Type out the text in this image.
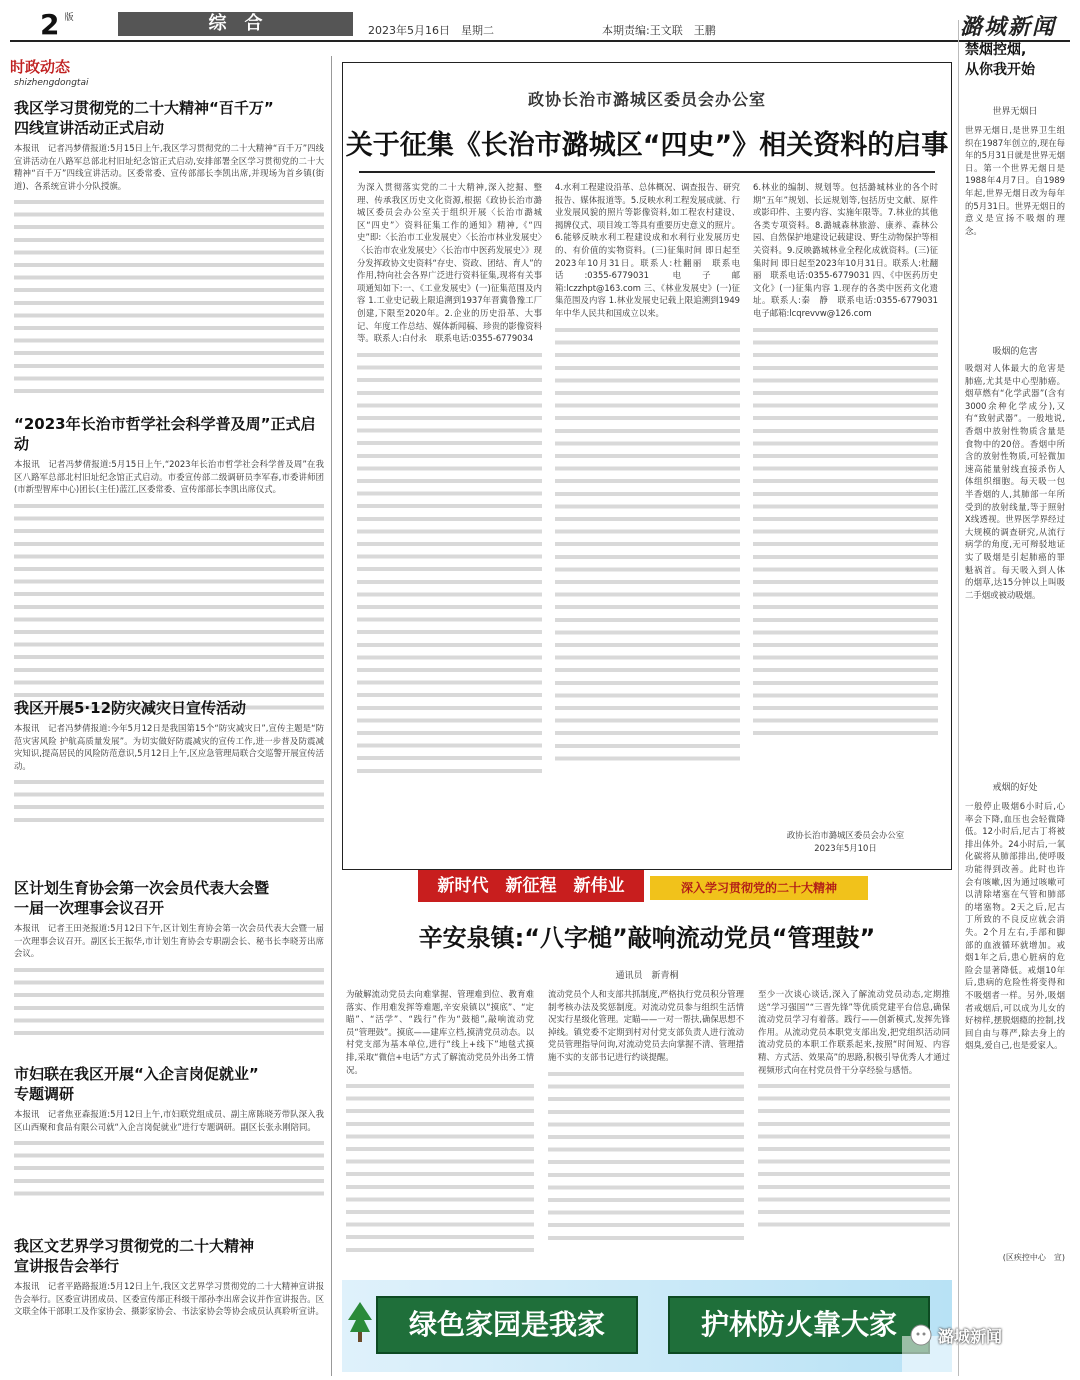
2 $^版$	综　合	2023年5月16日　星期二	本期责编:王文联　王鹏	潞城新闻
时政动态
shizhengdongtai
我区学习贯彻党的二十大精神“百千万”
四线宣讲活动正式启动

本报讯　记者冯梦倩报道:5月15日上午,我区学习贯彻党的二十大精神“百千万”四线宣讲活动在八路军总部北村旧址纪念馆正式启动,安排部署全区学习贯彻党的二十大精神“百千万”四线宣讲活动。区委常委、宣传部部长李凯出席,并现场为首乡镇(街道)、各系统宣讲小分队授旗。

“2023年长治市哲学社会科学普及周”正式启动

本报讯　记者冯梦倩报道:5月15日上午,“2023年长治市哲学社会科学普及周”在我区八路军总部北村旧址纪念馆正式启动。市委宣传部二级调研员李军春,市委讲师团(市新型智库中心)团长(主任)蓝江,区委常委、宣传部部长李凯出席仪式。

我区开展5·12防灾减灾日宣传活动

本报讯　记者冯梦倩报道:今年5月12日是我国第15个“防灾减灾日”,宣传主题是“防范灾害风险 护航高质量发展”。为切实做好防震减灾的宣传工作,进一步普及防震减灾知识,提高居民的风险防范意识,5月12日上午,区应急管理局联合交巡警开展宣传活动。

区计划生育协会第一次会员代表大会暨
一届一次理事会议召开

本报讯　记者王田尧报道:5月12日下午,区计划生育协会第一次会员代表大会暨一届一次理事会议召开。副区长王振华,市计划生育协会专职副会长、秘书长李晓芳出席会议。

市妇联在我区开展“入企言岗促就业”
专题调研

本报讯　记者焦亚森报道:5月12日上午,市妇联党组成员、副主席陈晓芳带队深入我区山西聚和食品有限公司就“入企言岗促就业”进行专题调研。副区长张永刚陪同。

我区文艺界学习贯彻党的二十大精神
宣讲报告会举行

本报讯　记者平路路报道:5月12日上午,我区文艺界学习贯彻党的二十大精神宣讲报告会举行。区委宣讲团成员、区委宣传部正科级干部孙李出席会议并作宣讲报告。区文联全体干部职工及作家协会、摄影家协会、书法家协会等协会成员认真聆听宣讲。

政协长治市潞城区委员会办公室
关于征集《长治市潞城区“四史”》相关资料的启事

为深入贯彻落实党的二十大精神,深入挖掘、整理、传承我区历史文化资源,根据《政协长治市潞城区委员会办公室关于组织开展〈长治市潞城区“四史”〉资料征集工作的通知》精神,《“四史”即:〈长治市工业发展史〉〈长治市林业发展史〉〈长治市农业发展史〉〈长治市中医药发展史〉》现分发挥政协文史资料“存史、资政、团结、育人”的作用,特向社会各界广泛进行资料征集,现将有关事项通知如下:一、《工业发展史》(一)征集范围及内容 1.工业史记载上限追溯到1937年晋冀鲁豫工厂创建,下限至2020年。2.企业的历史沿革、大事记、年度工作总结、媒体新闻稿、珍贵的影像资料等。联系人:白付永　联系电话:0355-6779034

4.水利工程建设沿革、总体概况、调查报告、研究报告、媒体报道等。5.反映水利工程发展成就、行业发展风貌的照片等影像资料,如工程农村建设、揭牌仪式、项目竣工等具有重要历史意义的照片。6.能够反映水利工程建设成和水利行业发展历史的、有价值的实物资料。(三)征集时间 即日起至2023年10月31日。联系人:杜翻丽　联系电话:0355-6779031 电子邮箱:lczzhpt@163.com 三、《林业发展史》(一)征集范围及内容 1.林业发展史记载上限追溯到1949年中华人民共和国成立以来。

6.林业的编制、规划等。包括潞城林业的各个时期“五年”规划、长远规划等,包括历史文献、原件或影印件、主要内容、实施年限等。7.林业的其他各类专项资料。8.潞城森林旅游、康养、森林公园、自然保护地建设记载建设、野生动物保护等相关资料。9.反映潞城林业全程化成就资料。(三)征集时间 即日起至2023年10月31日。联系人:杜翻丽　联系电话:0355-6779031 四、《中医药历史文化》(一)征集内容 1.现存的各类中医药文化遗址。联系人:秦　静　联系电话:0355-6779031 电子邮箱:lcqrevvw@126.com

政协长治市潞城区委员会办公室
2023年5月10日
新时代　新征程　新伟业	深入学习贯彻党的二十大精神
辛安泉镇:“八字槌”敲响流动党员“管理鼓”
通讯员　新青桐

为破解流动党员去向难掌握、管理难到位、教育难落实、作用难发挥等难题,辛安泉镇以“摸底”、“定瞄”、“活学”、“践行”作为“鼓槌”,敲响流动党员“管理鼓”。摸底——建库立档,摸清党员动态。以村党支部为基本单位,进行“线上+线下”地毯式摸排,采取“微信+电话”方式了解流动党员外出务工情况。

流动党员个人和支部共抓制度,严格执行党员积分管理制考核办法及奖惩制度。对流动党员参与组织生活情况实行星级化管理。定瞄——一对一帮扶,确保思想不掉线。镇党委不定期到村对付党支部负责人进行流动党员管理指导问询,对流动党员去向掌握不清、管理措施不实的支部书记进行约谈提醒。

至少一次谈心谈话,深入了解流动党员动态,定期推送“学习强国”“三晋先锋”等优质党建平台信息,确保流动党员学习有着落。践行——创新模式,发挥先锋作用。从流动党员本职党支部出发,把党组织活动同流动党员的本职工作联系起来,按照“时间短、内容精、方式活、效果高”的思路,积极引导优秀人才通过视频形式向在村党员骨干分享经验与感悟。

绿色家园是我家	护林防火靠大家	潞城新闻
禁烟控烟,
从你我开始
世界无烟日

世界无烟日,是世界卫生组织在1987年创立的,现在每年的5月31日就是世界无烟日。第一个世界无烟日是1988年4月7日。自1989年起,世界无烟日改为每年的5月31日。世界无烟日的意义是宣扬不吸烟的理念。

吸烟的危害

吸烟对人体最大的危害是肺癌,尤其是中心型肺癌。烟草燃有“化学武器”(含有3000余种化学成分),又有“致射武器”。一般地说,香烟中放射性物质含量是食物中的20倍。香烟中所含的放射性物质,可轻微加速高能量射线直接杀伤人体组织细胞。每天吸一包半香烟的人,其肺部一年所受到的放射线量,等于照射X线透视。世界医学界经过大规模的调查研究,从流行病学的角度,无可辩驳地证实了吸烟是引起肺癌的罪魁祸首。每天吸入到人体的烟草,达15分钟以上叫吸二手烟或被动吸烟。

戒烟的好处

一般停止吸烟6小时后,心率会下降,血压也会轻微降低。12小时后,尼古丁将被排出体外。24小时后,一氧化碳将从肺部排出,使呼吸功能得到改善。此时也许会有咳嗽,因为通过咳嗽可以清除堵塞在气管和肺部的堵塞物。2天之后,尼古丁所致的不良反应就会消失。2个月左右,手部和脚部的血液循环就增加。戒烟1年之后,患心脏病的危险会显著降低。戒烟10年后,患病的危险性将变得和不吸烟者一样。另外,吸烟者戒烟后,可以成为儿女的好榜样,摆脱烟瘾的控制,找回自由与尊严,除去身上的烟臭,爱自己,也是爱家人。

(区疾控中心　宣)
